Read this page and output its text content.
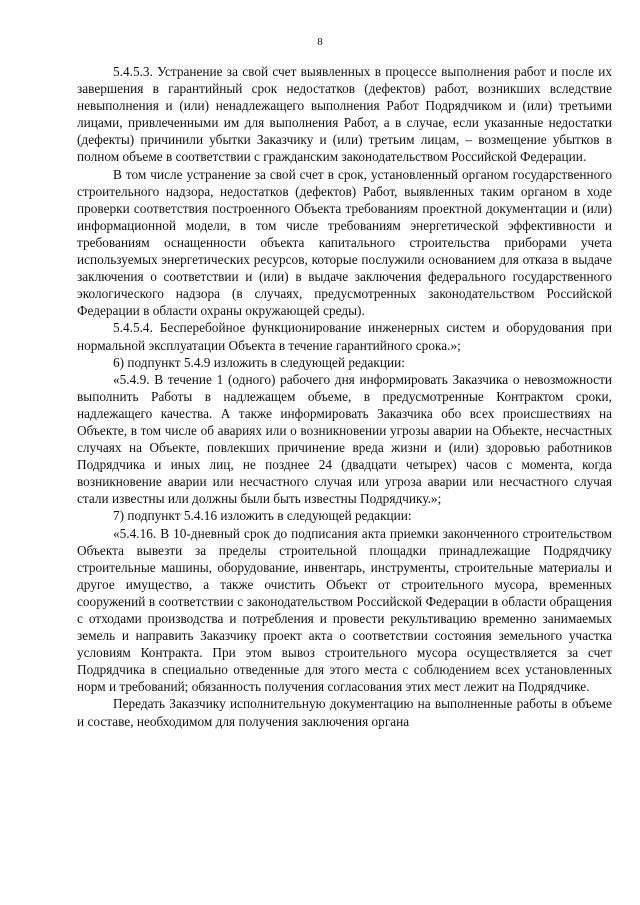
8

5.4.5.3. Устранение за свой счет выявленных в процессе выполнения работ и после их завершения в гарантийный срок недостатков (дефектов) работ, возникших вследствие невыполнения и (или) ненадлежащего выполнения Работ Подрядчиком и (или) третьими лицами, привлеченными им для выполнения Работ, а в случае, если указанные недостатки (дефекты) причинили убытки Заказчику и (или) третьим лицам, – возмещение убытков в полном объеме в соответствии с гражданским законодательством Российской Федерации.

В том числе устранение за свой счет в срок, установленный органом государственного строительного надзора, недостатков (дефектов) Работ, выявленных таким органом в ходе проверки соответствия построенного Объекта требованиям проектной документации и (или) информационной модели, в том числе требованиям энергетической эффективности и требованиям оснащенности объекта капитального строительства приборами учета используемых энергетических ресурсов, которые послужили основанием для отказа в выдаче заключения о соответствии и (или) в выдаче заключения федерального государственного экологического надзора (в случаях, предусмотренных законодательством Российской Федерации в области охраны окружающей среды).

5.4.5.4. Бесперебойное функционирование инженерных систем и оборудования при нормальной эксплуатации Объекта в течение гарантийного срока.»;

6) подпункт 5.4.9 изложить в следующей редакции:

«5.4.9. В течение 1 (одного) рабочего дня информировать Заказчика о невозможности выполнить Работы в надлежащем объеме, в предусмотренные Контрактом сроки, надлежащего качества. А также информировать Заказчика обо всех происшествиях на Объекте, в том числе об авариях или о возникновении угрозы аварии на Объекте, несчастных случаях на Объекте, повлекших причинение вреда жизни и (или) здоровью работников Подрядчика и иных лиц, не позднее 24 (двадцати четырех) часов с момента, когда возникновение аварии или несчастного случая или угроза аварии или несчастного случая стали известны или должны были быть известны Подрядчику.»;

7) подпункт 5.4.16 изложить в следующей редакции:

«5.4.16. В 10-дневный срок до подписания акта приемки законченного строительством Объекта вывезти за пределы строительной площадки принадлежащие Подрядчику строительные машины, оборудование, инвентарь, инструменты, строительные материалы и другое имущество, а также очистить Объект от строительного мусора, временных сооружений в соответствии с законодательством Российской Федерации в области обращения с отходами производства и потребления и провести рекультивацию временно занимаемых земель и направить Заказчику проект акта о соответствии состояния земельного участка условиям Контракта. При этом вывоз строительного мусора осуществляется за счет Подрядчика в специально отведенные для этого места с соблюдением всех установленных норм и требований; обязанность получения согласования этих мест лежит на Подрядчике.

Передать Заказчику исполнительную документацию на выполненные работы в объеме и составе, необходимом для получения заключения органа
